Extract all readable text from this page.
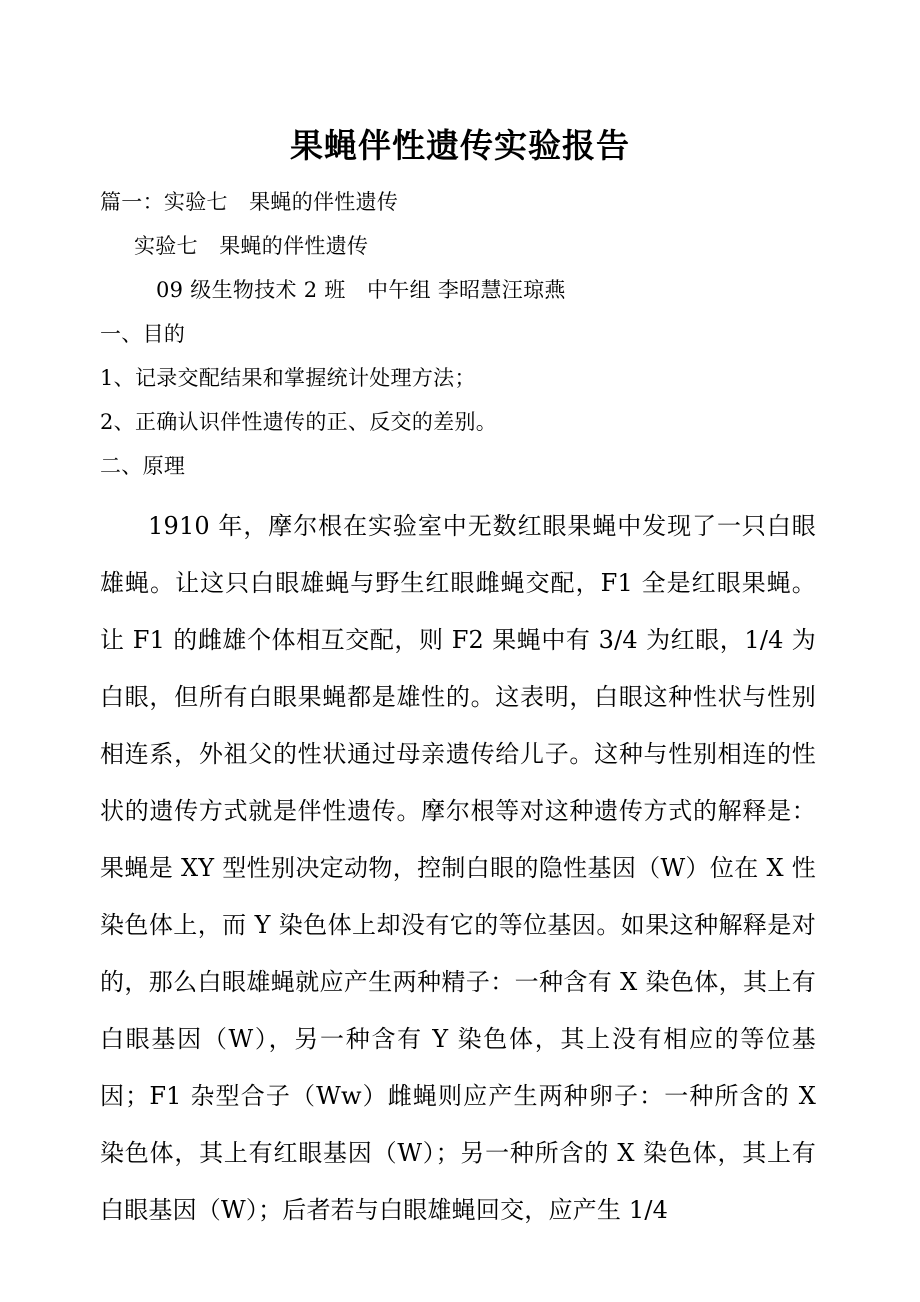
果蝇伴性遗传实验报告
篇一：实验七　果蝇的伴性遗传
实验七　果蝇的伴性遗传
09 级生物技术 2 班　中午组 李昭慧汪琼燕
一、目的
1、记录交配结果和掌握统计处理方法；
2、正确认识伴性遗传的正、反交的差别。
二、原理

1910 年，摩尔根在实验室中无数红眼果蝇中发现了一只白眼雄蝇。让这只白眼雄蝇与野生红眼雌蝇交配，F1 全是红眼果蝇。让 F1 的雌雄个体相互交配，则 F2 果蝇中有 3/4 为红眼，1/4 为白眼，但所有白眼果蝇都是雄性的。这表明，白眼这种性状与性别相连系，外祖父的性状通过母亲遗传给儿子。这种与性别相连的性状的遗传方式就是伴性遗传。摩尔根等对这种遗传方式的解释是：果蝇是 XY 型性别决定动物，控制白眼的隐性基因（W）位在 X 性染色体上，而 Y 染色体上却没有它的等位基因。如果这种解释是对的，那么白眼雄蝇就应产生两种精子：一种含有 X 染色体，其上有白眼基因（W），另一种含有 Y 染色体，其上没有相应的等位基因；F1 杂型合子（Ww）雌蝇则应产生两种卵子：一种所含的 X 染色体，其上有红眼基因（W）；另一种所含的 X 染色体，其上有白眼基因（W）；后者若与白眼雄蝇回交，应产生 1/4
